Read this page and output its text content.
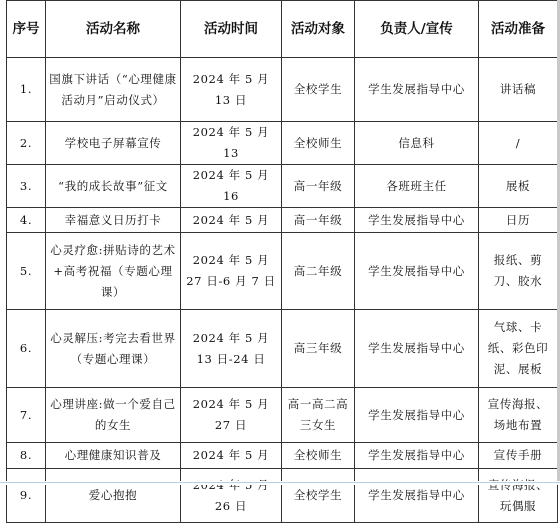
序号	活动名称	活动时间	活动对象	负责人/宣传	活动准备
1.	国旗下讲话（“心理健康活动月”启动仪式）	2024 年 5 月 13 日	全校学生	学生发展指导中心	讲话稿
2.	学校电子屏幕宣传	2024 年 5 月 13	全校师生	信息科	/
3.	“我的成长故事”征文	2024 年 5 月 16	高一年级	各班班主任	展板
4.	幸福意义日历打卡	2024 年 5 月	高一年级	学生发展指导中心	日历
5.	心灵疗愈:拼贴诗的艺术+高考祝福（专题心理课）	2024 年 5 月 27 日-6 月 7 日	高二年级	学生发展指导中心	报纸、剪刀、胶水
6.	心灵解压:考完去看世界（专题心理课）	2024 年 5 月 13 日-24 日	高三年级	学生发展指导中心	气球、卡纸、彩色印泥、展板
7.	心理讲座:做一个爱自己的女生	2024 年 5 月 27 日	高一高二高三女生	学生发展指导中心	宣传海报、场地布置
8.	心理健康知识普及	2024 年 5 月	全校师生	学生发展指导中心	宣传手册
9.	爱心抱抱	26 日	全校学生	学生发展指导中心	玩偶服
